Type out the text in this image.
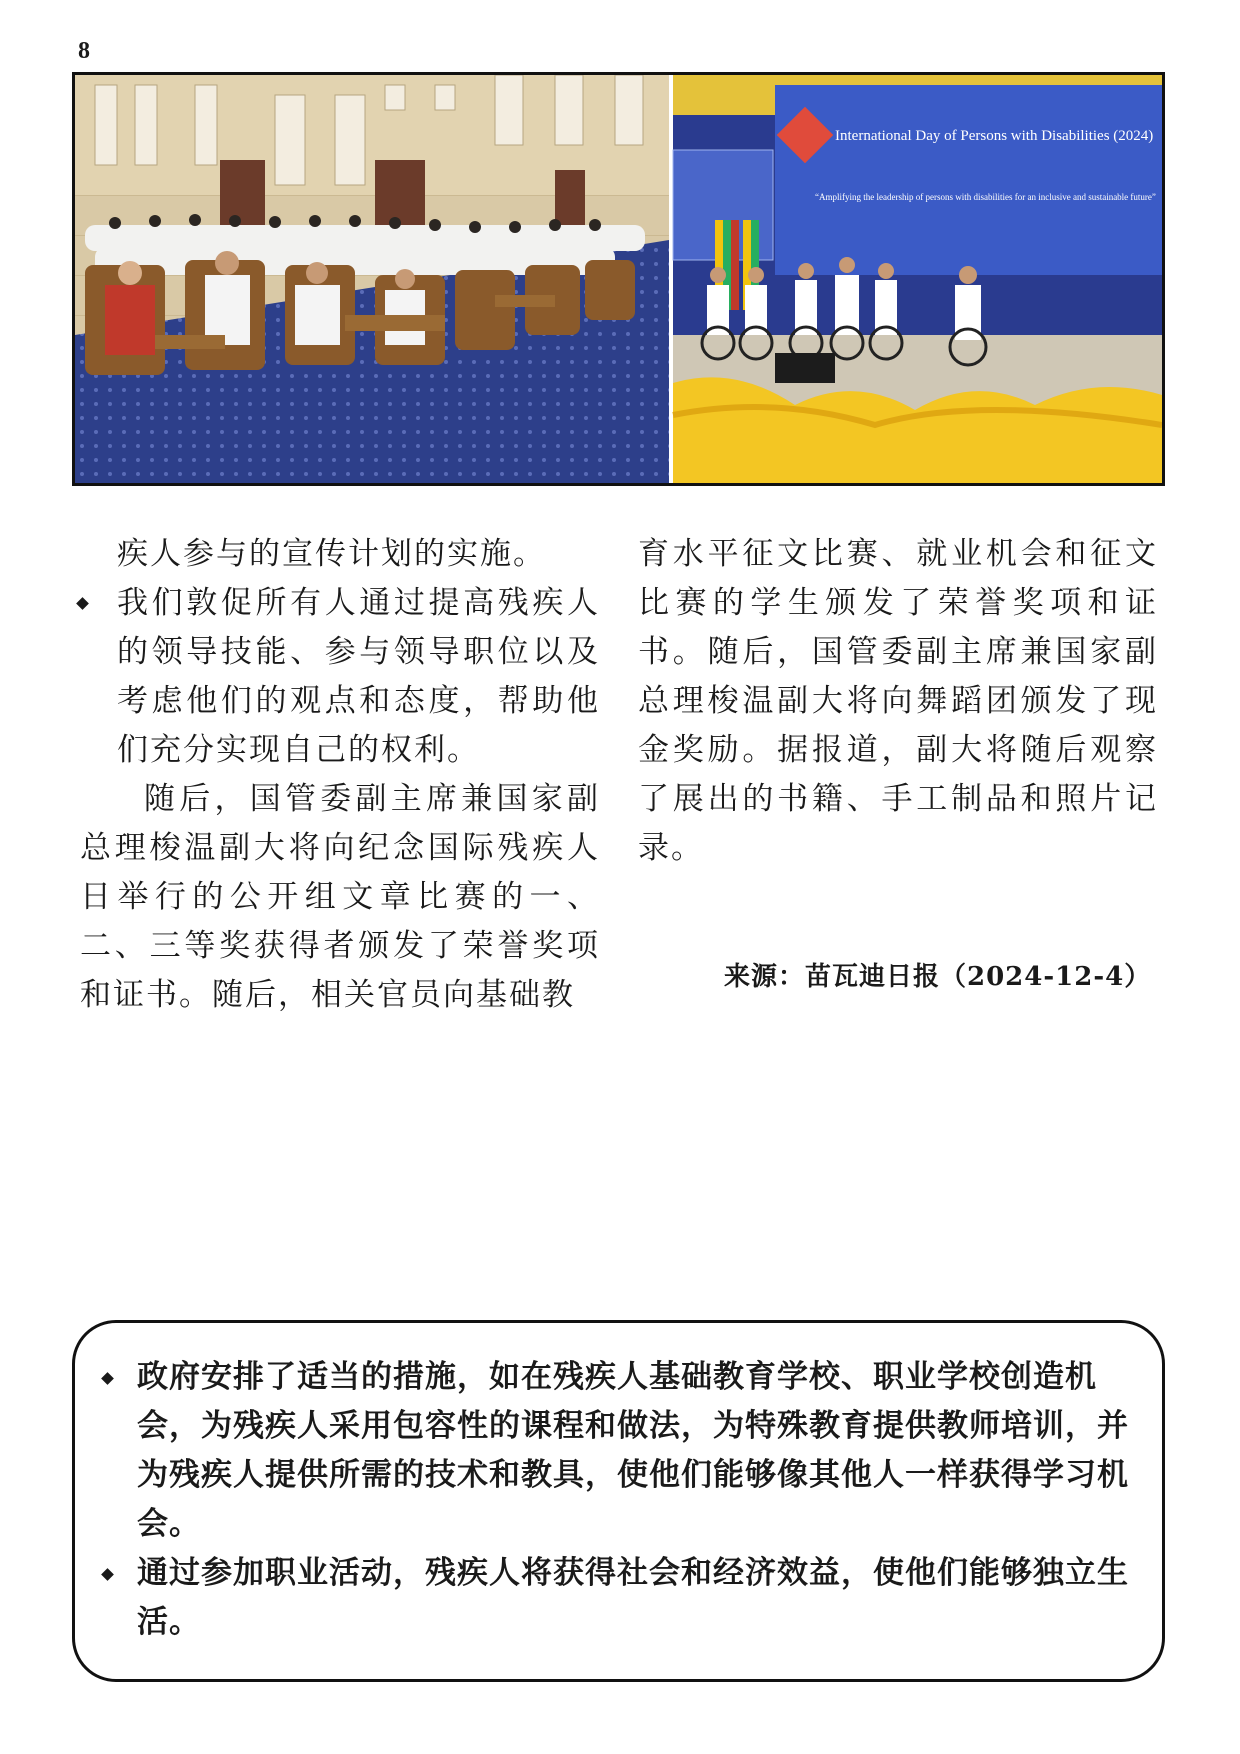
8
International Day of Persons with Disabilities (2024)
“Amplifying the leadership of persons with disabilities for an inclusive and sustainable future”

疾人参与的宣传计划的实施。

我们敦促所有人通过提高残疾人的领导技能、参与领导职位以及考虑他们的观点和态度，帮助他们充分实现自己的权利。

随后，国管委副主席兼国家副总理梭温副大将向纪念国际残疾人日举行的公开组文章比赛的一、二、三等奖获得者颁发了荣誉奖项和证书。随后，相关官员向基础教

育水平征文比赛、就业机会和征文比赛的学生颁发了荣誉奖项和证书。随后，国管委副主席兼国家副总理梭温副大将向舞蹈团颁发了现金奖励。据报道，副大将随后观察了展出的书籍、手工制品和照片记录。

来源：苗瓦迪日报（2024-12-4）
政府安排了适当的措施，如在残疾人基础教育学校、职业学校创造机会，为残疾人采用包容性的课程和做法，为特殊教育提供教师培训，并为残疾人提供所需的技术和教具，使他们能够像其他人一样获得学习机会。
通过参加职业活动，残疾人将获得社会和经济效益，使他们能够独立生活。
